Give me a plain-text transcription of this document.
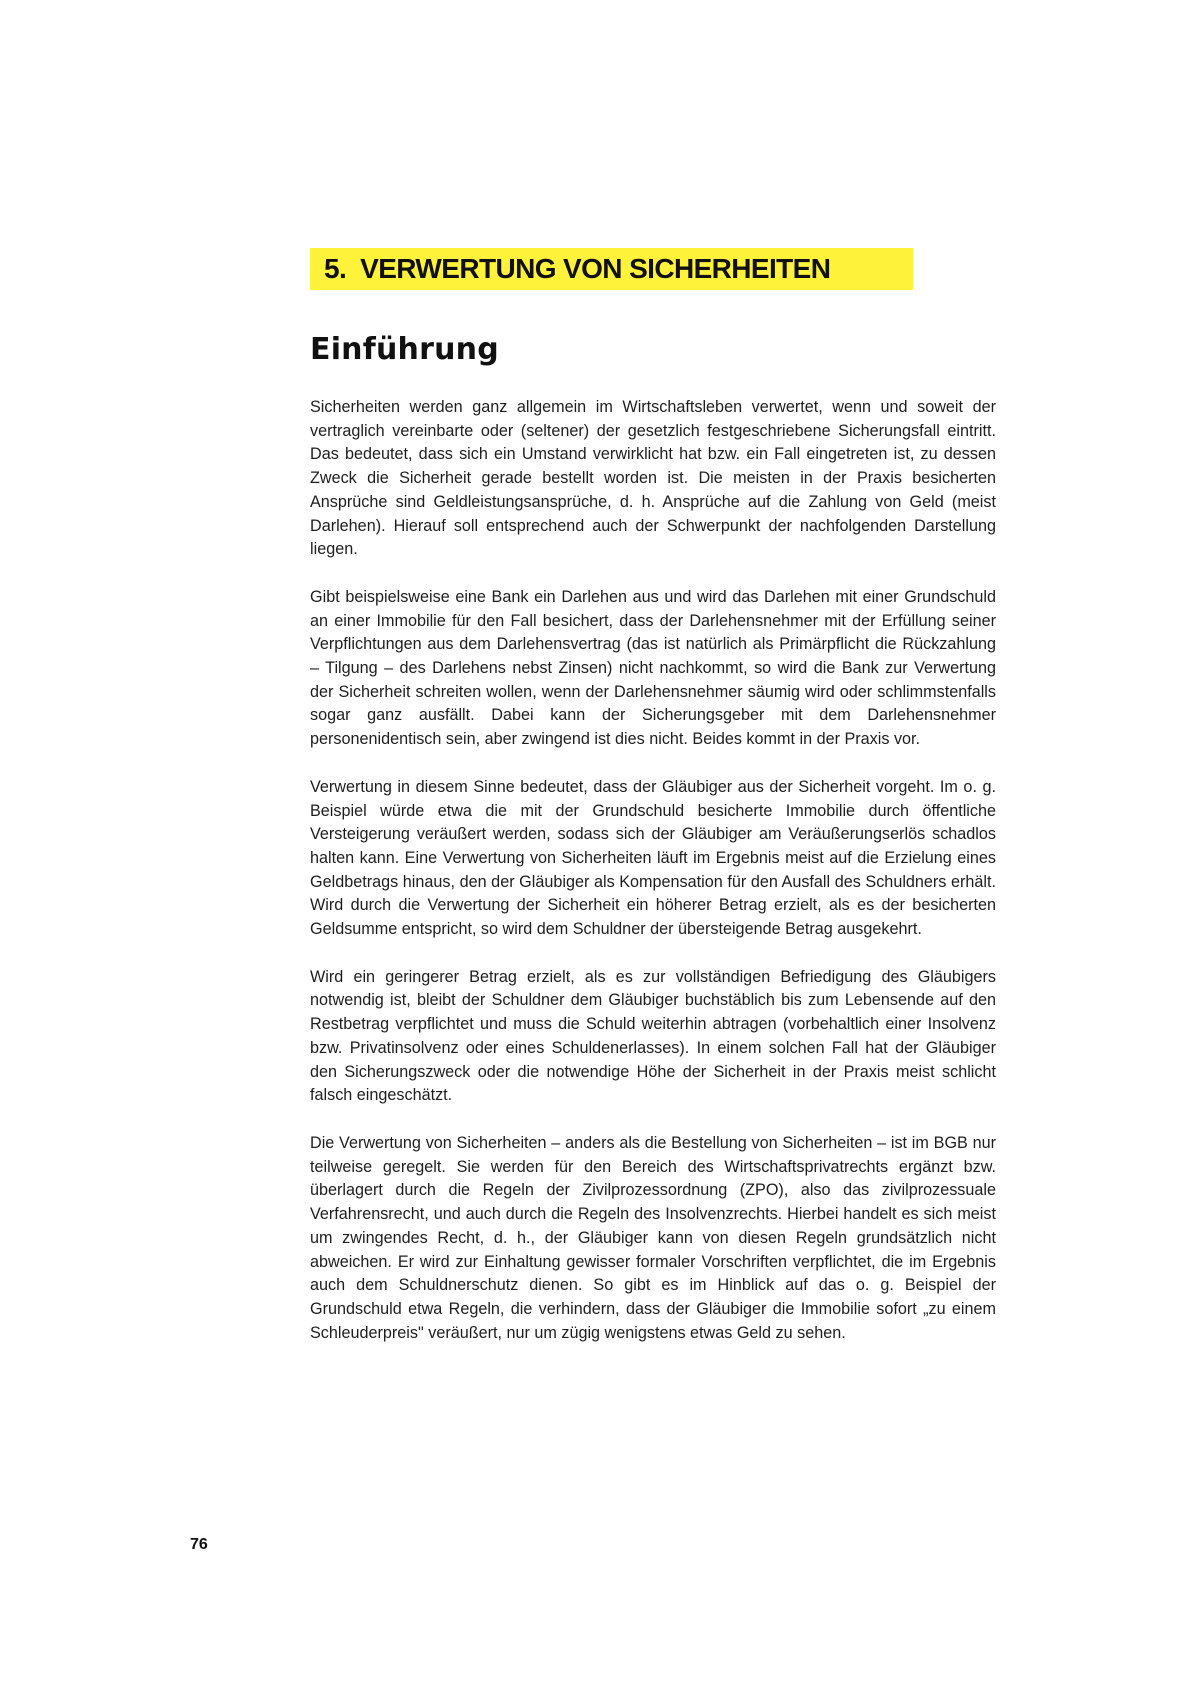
5. VERWERTUNG VON SICHERHEITEN
Einführung

Sicherheiten werden ganz allgemein im Wirtschaftsleben verwertet, wenn und soweit der vertraglich vereinbarte oder (seltener) der gesetzlich festgeschriebene Sicherungsfall eintritt. Das bedeutet, dass sich ein Umstand verwirklicht hat bzw. ein Fall eingetreten ist, zu dessen Zweck die Sicherheit gerade bestellt worden ist. Die meisten in der Praxis besicherten Ansprüche sind Geldleistungsansprüche, d. h. Ansprüche auf die Zahlung von Geld (meist Darlehen). Hierauf soll entsprechend auch der Schwerpunkt der nachfolgenden Darstellung liegen.

Gibt beispielsweise eine Bank ein Darlehen aus und wird das Darlehen mit einer Grundschuld an einer Immobilie für den Fall besichert, dass der Darlehensnehmer mit der Erfüllung seiner Verpflichtungen aus dem Darlehensvertrag (das ist natürlich als Primärpflicht die Rückzahlung – Tilgung – des Darlehens nebst Zinsen) nicht nachkommt, so wird die Bank zur Verwertung der Sicherheit schreiten wollen, wenn der Darlehensnehmer säumig wird oder schlimmstenfalls sogar ganz ausfällt. Dabei kann der Sicherungsgeber mit dem Darlehensnehmer personenidentisch sein, aber zwingend ist dies nicht. Beides kommt in der Praxis vor.

Verwertung in diesem Sinne bedeutet, dass der Gläubiger aus der Sicherheit vorgeht. Im o. g. Beispiel würde etwa die mit der Grundschuld besicherte Immobilie durch öffentliche Versteigerung veräußert werden, sodass sich der Gläubiger am Veräußerungserlös schadlos halten kann. Eine Verwertung von Sicherheiten läuft im Ergebnis meist auf die Erzielung eines Geldbetrags hinaus, den der Gläubiger als Kompensation für den Ausfall des Schuldners erhält. Wird durch die Verwertung der Sicherheit ein höherer Betrag erzielt, als es der besicherten Geldsumme entspricht, so wird dem Schuldner der übersteigende Betrag ausgekehrt.

Wird ein geringerer Betrag erzielt, als es zur vollständigen Befriedigung des Gläubigers notwendig ist, bleibt der Schuldner dem Gläubiger buchstäblich bis zum Lebensende auf den Restbetrag verpflichtet und muss die Schuld weiterhin abtragen (vorbehaltlich einer Insolvenz bzw. Privatinsolvenz oder eines Schuldenerlasses). In einem solchen Fall hat der Gläubiger den Sicherungszweck oder die notwendige Höhe der Sicherheit in der Praxis meist schlicht falsch eingeschätzt.

Die Verwertung von Sicherheiten – anders als die Bestellung von Sicherheiten – ist im BGB nur teilweise geregelt. Sie werden für den Bereich des Wirtschaftsprivatrechts ergänzt bzw. überlagert durch die Regeln der Zivilprozessordnung (ZPO), also das zivilprozessuale Verfahrensrecht, und auch durch die Regeln des Insolvenzrechts. Hierbei handelt es sich meist um zwingendes Recht, d. h., der Gläubiger kann von diesen Regeln grundsätzlich nicht abweichen. Er wird zur Einhaltung gewisser formaler Vorschriften verpflichtet, die im Ergebnis auch dem Schuldnerschutz dienen. So gibt es im Hinblick auf das o. g. Beispiel der Grundschuld etwa Regeln, die verhindern, dass der Gläubiger die Immobilie sofort „zu einem Schleuderpreis" veräußert, nur um zügig wenigstens etwas Geld zu sehen.

76
